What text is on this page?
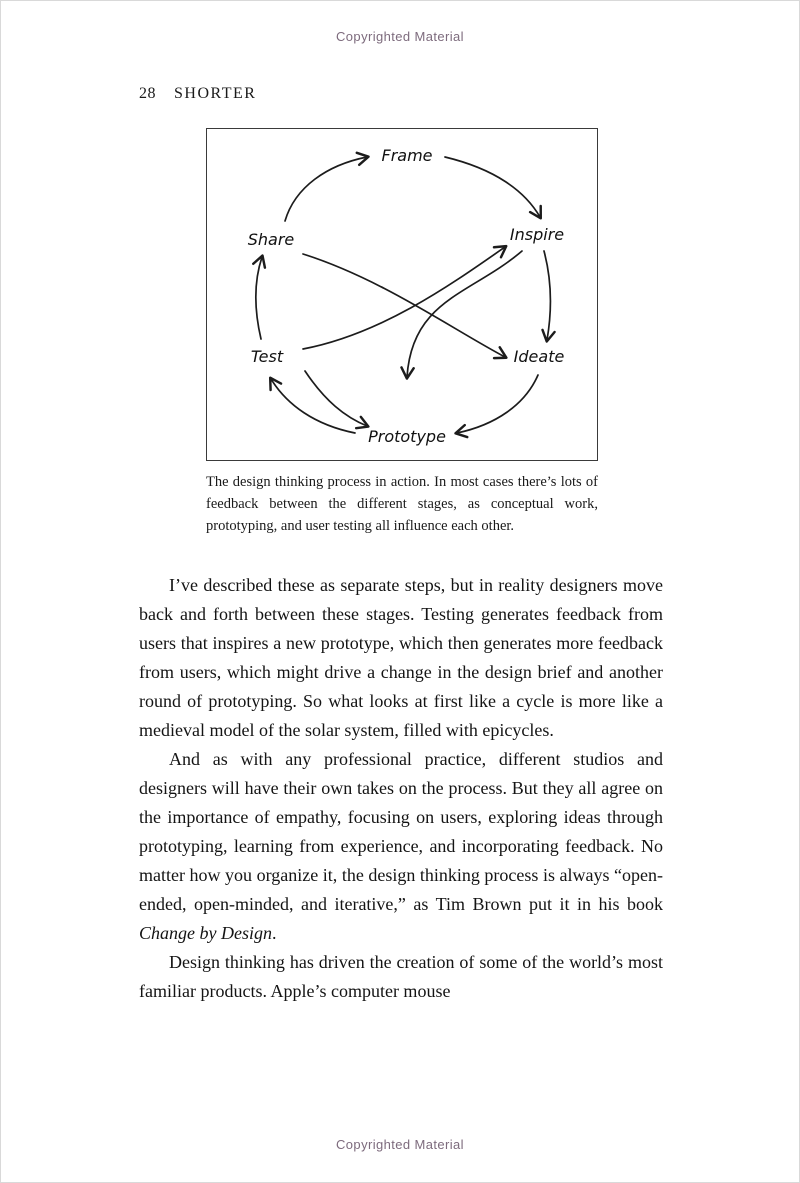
Copyrighted Material
28 SHORTER
Frame
Inspire
Ideate
Prototype
Test
Share
The design thinking process in action. In most cases there’s lots of feedback between the different stages, as conceptual work, prototyping, and user testing all influence each other.

I’ve described these as separate steps, but in reality designers move back and forth between these stages. Testing generates feedback from users that inspires a new prototype, which then generates more feedback from users, which might drive a change in the design brief and another round of prototyping. So what looks at first like a cycle is more like a medieval model of the solar system, filled with epicycles.

And as with any professional practice, different studios and designers will have their own takes on the process. But they all agree on the importance of empathy, focusing on users, exploring ideas through prototyping, learning from experience, and incorporating feedback. No matter how you organize it, the design thinking process is always “open-ended, open-minded, and iterative,” as Tim Brown put it in his book Change by Design.

Design thinking has driven the creation of some of the world’s most familiar products. Apple’s computer mouse

Copyrighted Material
